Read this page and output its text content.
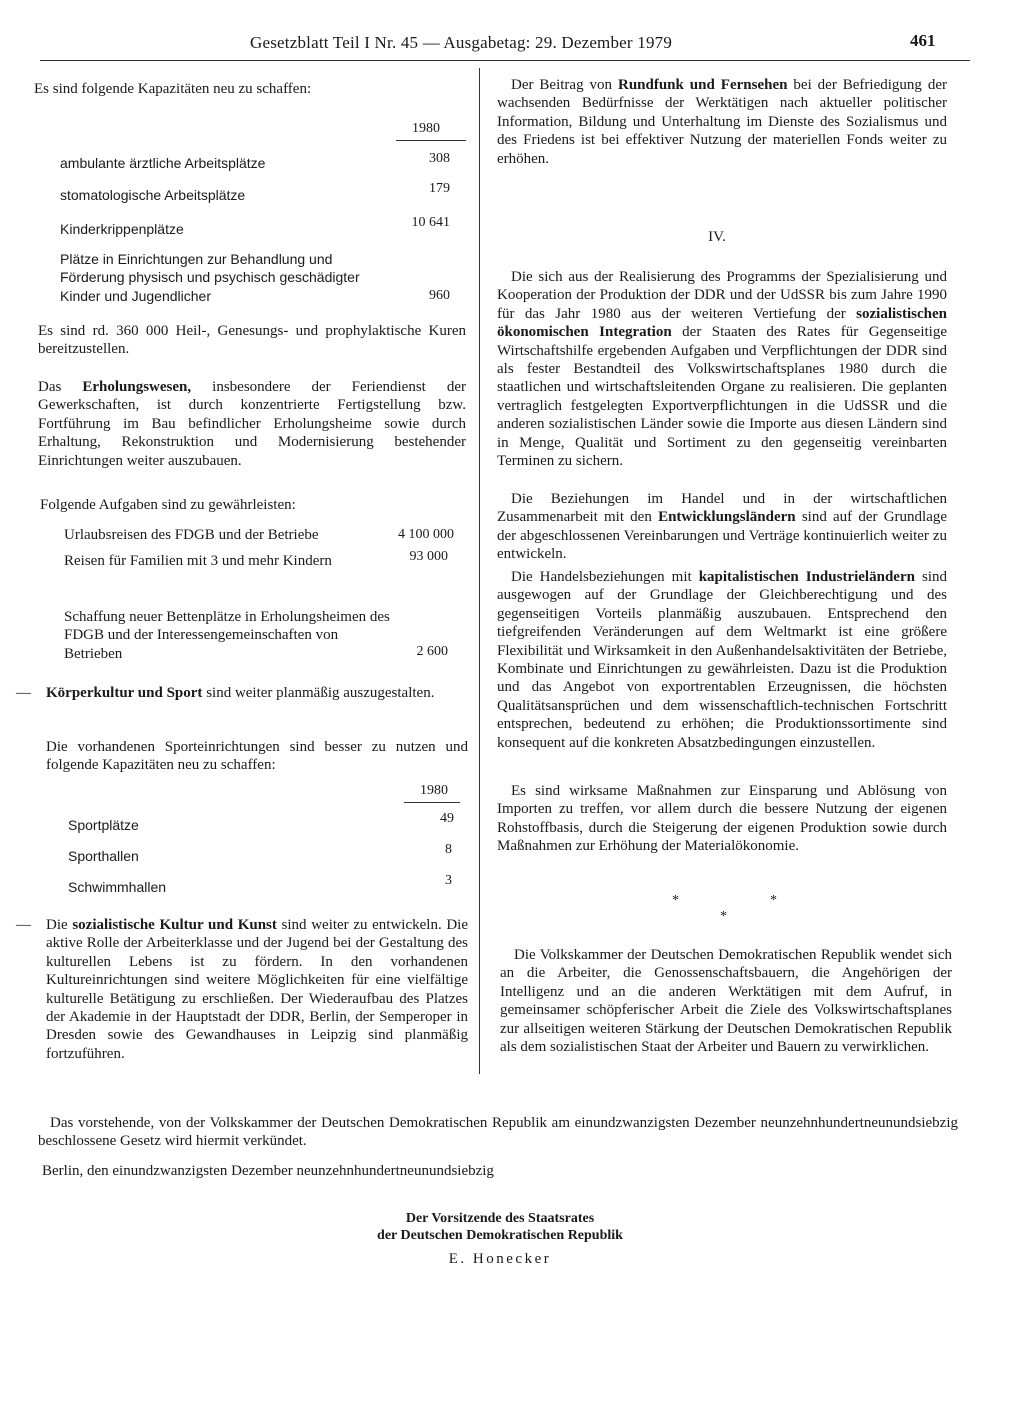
Gesetzblatt Teil I Nr. 45 — Ausgabetag: 29. Dezember 1979	461

Es sind folgende Kapazitäten neu zu schaffen:

1980
ambulante ärztliche Arbeitsplätze	308
stomatologische Arbeitsplätze	179
Kinderkrippenplätze	10 641
Plätze in Einrichtungen zur Behandlung und Förderung physisch und psychisch geschädigter Kinder und Jugendlicher	960

Es sind rd. 360 000 Heil-, Genesungs- und prophylaktische Kuren bereitzustellen.

Das Erholungswesen, insbesondere der Feriendienst der Gewerkschaften, ist durch konzentrierte Fertigstellung bzw. Fortführung im Bau befindlicher Erholungsheime sowie durch Erhaltung, Rekonstruktion und Modernisierung bestehender Einrichtungen weiter auszubauen.

Folgende Aufgaben sind zu gewährleisten:

Urlaubsreisen des FDGB und der Betriebe	4 100 000
Reisen für Familien mit 3 und mehr Kindern	93 000
Schaffung neuer Bettenplätze in Erholungsheimen des FDGB und der Interessengemeinschaften von Betrieben	2 600
— Körperkultur und Sport sind weiter planmäßig auszugestalten.

Die vorhandenen Sporteinrichtungen sind besser zu nutzen und folgende Kapazitäten neu zu schaffen:

1980
Sportplätze	49
Sporthallen	8
Schwimmhallen	3
— Die sozialistische Kultur und Kunst sind weiter zu entwickeln. Die aktive Rolle der Arbeiterklasse und der Jugend bei der Gestaltung des kulturellen Lebens ist zu fördern. In den vorhandenen Kultureinrichtungen sind weitere Möglichkeiten für eine vielfältige kulturelle Betätigung zu erschließen. Der Wiederaufbau des Platzes der Akademie in der Hauptstadt der DDR, Berlin, der Semperoper in Dresden sowie des Gewandhauses in Leipzig sind planmäßig fortzuführen.

Der Beitrag von Rundfunk und Fernsehen bei der Befriedigung der wachsenden Bedürfnisse der Werktätigen nach aktueller politischer Information, Bildung und Unterhaltung im Dienste des Sozialismus und des Friedens ist bei effektiver Nutzung der materiellen Fonds weiter zu erhöhen.

IV.

Die sich aus der Realisierung des Programms der Spezialisierung und Kooperation der Produktion der DDR und der UdSSR bis zum Jahre 1990 für das Jahr 1980 aus der weiteren Vertiefung der sozialistischen ökonomischen Integration der Staaten des Rates für Gegenseitige Wirtschaftshilfe ergebenden Aufgaben und Verpflichtungen der DDR sind als fester Bestandteil des Volkswirtschaftsplanes 1980 durch die staatlichen und wirtschaftsleitenden Organe zu realisieren. Die geplanten vertraglich festgelegten Exportverpflichtungen in die UdSSR und die anderen sozialistischen Länder sowie die Importe aus diesen Ländern sind in Menge, Qualität und Sortiment zu den gegenseitig vereinbarten Terminen zu sichern.

Die Beziehungen im Handel und in der wirtschaftlichen Zusammenarbeit mit den Entwicklungsländern sind auf der Grundlage der abgeschlossenen Vereinbarungen und Verträge kontinuierlich weiter zu entwickeln.

Die Handelsbeziehungen mit kapitalistischen Industrieländern sind ausgewogen auf der Grundlage der Gleichberechtigung und des gegenseitigen Vorteils planmäßig auszubauen. Entsprechend den tiefgreifenden Veränderungen auf dem Weltmarkt ist eine größere Flexibilität und Wirksamkeit in den Außenhandelsaktivitäten der Betriebe, Kombinate und Einrichtungen zu gewährleisten. Dazu ist die Produktion und das Angebot von exportrentablen Erzeugnissen, die höchsten Qualitätsansprüchen und dem wissenschaftlich-technischen Fortschritt entsprechen, bedeutend zu erhöhen; die Produktionssortimente sind konsequent auf die konkreten Absatzbedingungen einzustellen.

Es sind wirksame Maßnahmen zur Einsparung und Ablösung von Importen zu treffen, vor allem durch die bessere Nutzung der eigenen Rohstoffbasis, durch die Steigerung der eigenen Produktion sowie durch Maßnahmen zur Erhöhung der Materialökonomie.

*	*
*

Die Volkskammer der Deutschen Demokratischen Republik wendet sich an die Arbeiter, die Genossenschaftsbauern, die Angehörigen der Intelligenz und an die anderen Werktätigen mit dem Aufruf, in gemeinsamer schöpferischer Arbeit die Ziele des Volkswirtschaftsplanes zur allseitigen weiteren Stärkung der Deutschen Demokratischen Republik als dem sozialistischen Staat der Arbeiter und Bauern zu verwirklichen.

Das vorstehende, von der Volkskammer der Deutschen Demokratischen Republik am einundzwanzigsten Dezember neunzehnhundertneunundsiebzig beschlossene Gesetz wird hiermit verkündet.

Berlin, den einundzwanzigsten Dezember neunzehnhundertneunundsiebzig

Der Vorsitzende des Staatsrates
der Deutschen Demokratischen Republik
E. Honecker
